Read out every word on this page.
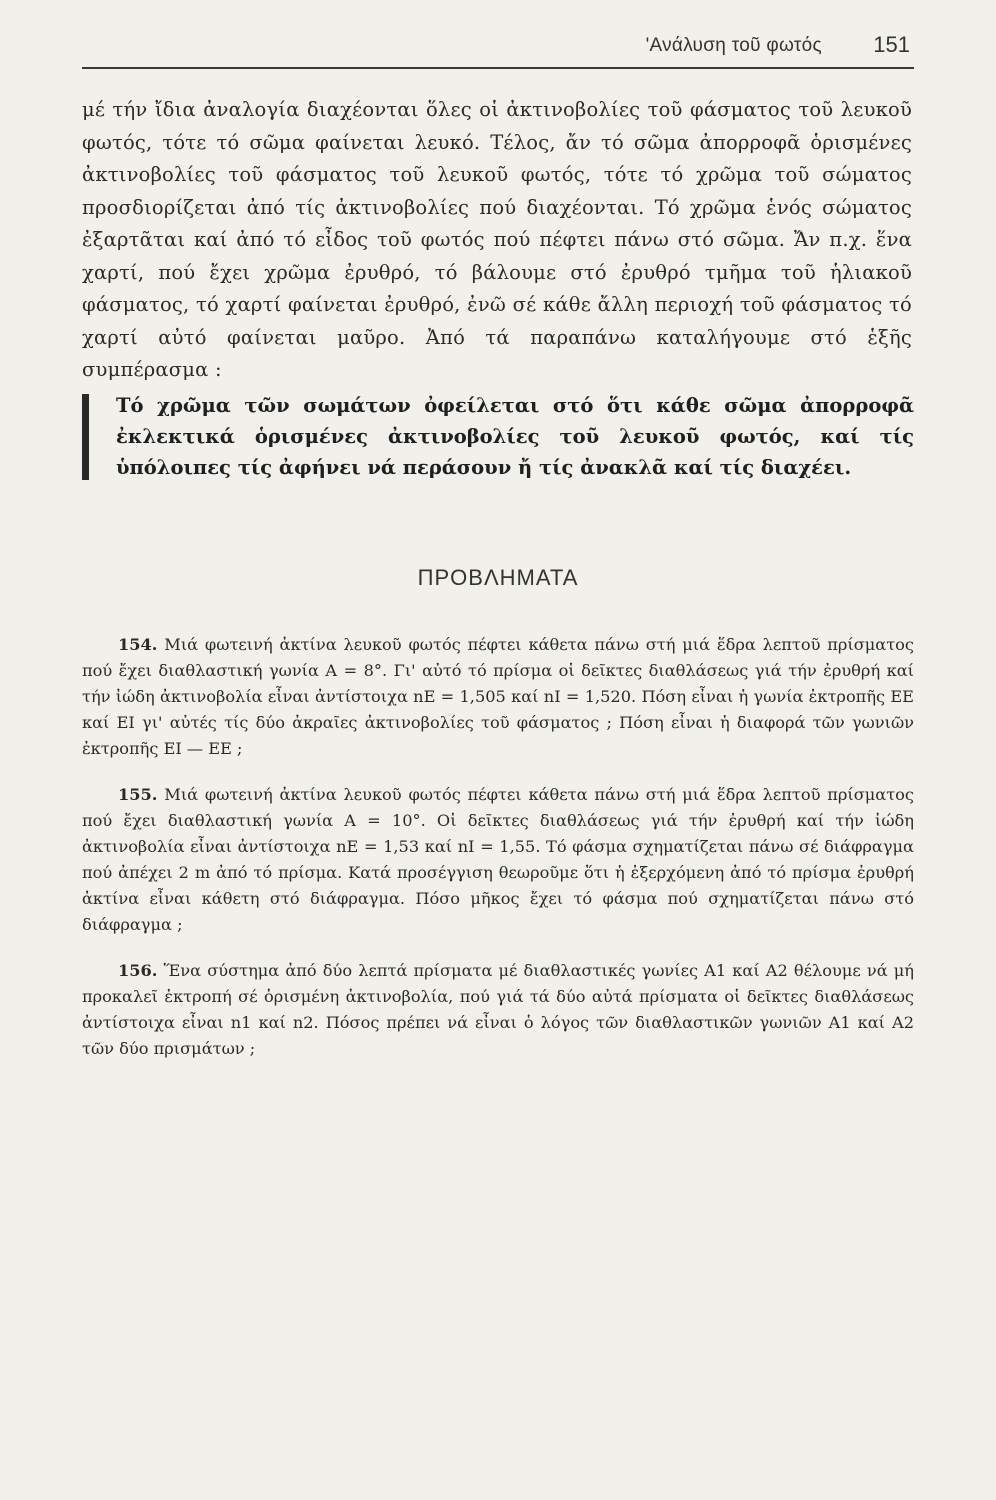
'Ανάλυση τοῦ φωτός 151

μέ τήν ἴδια ἀναλογία διαχέονται ὅλες οἱ ἀκτινοβολίες τοῦ φάσματος τοῦ λευκοῦ φωτός, τότε τό σῶμα φαίνεται λευκό. Τέλος, ἄν τό σῶμα ἀπορροφᾶ ὁρισμένες ἀκτινοβολίες τοῦ φάσματος τοῦ λευκοῦ φωτός, τότε τό χρῶμα τοῦ σώματος προσδιορίζεται ἀπό τίς ἀκτινοβολίες πού διαχέονται. Τό χρῶμα ἑνός σώματος ἐξαρτᾶται καί ἀπό τό εἶδος τοῦ φωτός πού πέφτει πάνω στό σῶμα. Ἄν π.χ. ἕνα χαρτί, πού ἔχει χρῶμα ἐρυθρό, τό βάλουμε στό ἐρυθρό τμῆμα τοῦ ἡλιακοῦ φάσματος, τό χαρτί φαίνεται ἐρυθρό, ἐνῶ σέ κάθε ἄλλη περιοχή τοῦ φάσματος τό χαρτί αὐτό φαίνεται μαῦρο. Ἀπό τά παραπάνω καταλήγουμε στό ἑξῆς συμπέρασμα :

Τό χρῶμα τῶν σωμάτων ὀφείλεται στό ὅτι κάθε σῶμα ἀπορροφᾶ ἐκλεκτικά ὁρισμένες ἀκτινοβολίες τοῦ λευκοῦ φωτός, καί τίς ὑπόλοιπες τίς ἀφήνει νά περάσουν ἤ τίς ἀνακλᾶ καί τίς διαχέει.
ΠΡΟΒΛΗΜΑΤΑ

154. Μιά φωτεινή ἀκτίνα λευκοῦ φωτός πέφτει κάθετα πάνω στή μιά ἕδρα λεπτοῦ πρίσματος πού ἔχει διαθλαστική γωνία Α = 8°. Γι' αὐτό τό πρίσμα οἱ δεῖκτες διαθλάσεως γιά τήν ἐρυθρή καί τήν ἰώδη ἀκτινοβολία εἶναι ἀντίστοιχα nE = 1,505 καί nI = 1,520. Πόση εἶναι ἡ γωνία ἐκτροπῆς ΕΕ καί ΕΙ γι' αὐτές τίς δύο ἀκραῖες ἀκτινοβολίες τοῦ φάσματος ; Πόση εἶναι ἡ διαφορά τῶν γωνιῶν ἐκτροπῆς ΕΙ — ΕΕ ;

155. Μιά φωτεινή ἀκτίνα λευκοῦ φωτός πέφτει κάθετα πάνω στή μιά ἕδρα λεπτοῦ πρίσματος πού ἔχει διαθλαστική γωνία Α = 10°. Οἱ δεῖκτες διαθλάσεως γιά τήν ἐρυθρή καί τήν ἰώδη ἀκτινοβολία εἶναι ἀντίστοιχα nE = 1,53 καί nI = 1,55. Τό φάσμα σχηματίζεται πάνω σέ διάφραγμα πού ἀπέχει 2 m ἀπό τό πρίσμα. Κατά προσέγγιση θεωροῦμε ὅτι ἡ ἐξερχόμενη ἀπό τό πρίσμα ἐρυθρή ἀκτίνα εἶναι κάθετη στό διάφραγμα. Πόσο μῆκος ἔχει τό φάσμα πού σχηματίζεται πάνω στό διάφραγμα ;

156. Ἕνα σύστημα ἀπό δύο λεπτά πρίσματα μέ διαθλαστικές γωνίες Α1 καί Α2 θέλουμε νά μή προκαλεῖ ἐκτροπή σέ ὁρισμένη ἀκτινοβολία, πού γιά τά δύο αὐτά πρίσματα οἱ δεῖκτες διαθλάσεως ἀντίστοιχα εἶναι n1 καί n2. Πόσος πρέπει νά εἶναι ὁ λόγος τῶν διαθλαστικῶν γωνιῶν Α1 καί Α2 τῶν δύο πρισμάτων ;
